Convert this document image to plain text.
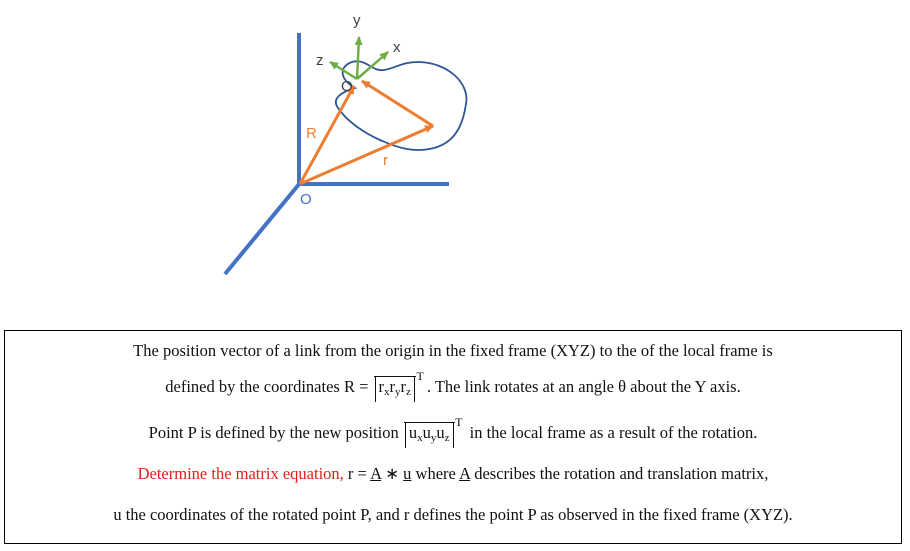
y
x
z
O
R
r
O
The position vector of a link from the origin in the fixed frame (XYZ) to the of the local frame is
defined by the coordinates R = rxryrz
T
. The link rotates at an angle θ about the Y axis.
Point P is defined by the new position uxuyuz
T
in the local frame as a result of the rotation.
Determine the matrix equation, r = A ∗ u where A describes the rotation and translation matrix,
u the coordinates of the rotated point P, and r defines the point P as observed in the fixed frame (XYZ).
